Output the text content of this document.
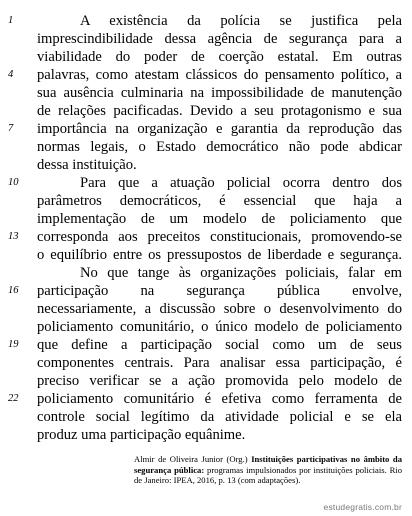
1
4
7
10
13
16
19
22
A existência da polícia se justifica pela
imprescindibilidade dessa agência de segurança para a
viabilidade do poder de coerção estatal. Em outras
palavras, como atestam clássicos do pensamento político, a
sua ausência culminaria na impossibilidade de manutenção
de relações pacificadas. Devido a seu protagonismo e sua
importância na organização e garantia da reprodução das
normas legais, o Estado democrático não pode abdicar
dessa instituição.
Para que a atuação policial ocorra dentro dos
parâmetros democráticos, é essencial que haja a
implementação de um modelo de policiamento que
corresponda aos preceitos constitucionais, promovendo-se
o equilíbrio entre os pressupostos de liberdade e segurança.
No que tange às organizações policiais, falar em
participação na segurança pública envolve,
necessariamente, a discussão sobre o desenvolvimento do
policiamento comunitário, o único modelo de policiamento
que define a participação social como um de seus
componentes centrais. Para analisar essa participação, é
preciso verificar se a ação promovida pelo modelo de
policiamento comunitário é efetiva como ferramenta de
controle social legítimo da atividade policial e se ela
produz uma participação equânime.
Almir de Oliveira Junior (Org.) Instituições participativas no âmbito da segurança pública: programas impulsionados por instituições policiais. Rio de Janeiro: IPEA, 2016, p. 13 (com adaptações).
estudegratis.com.br
